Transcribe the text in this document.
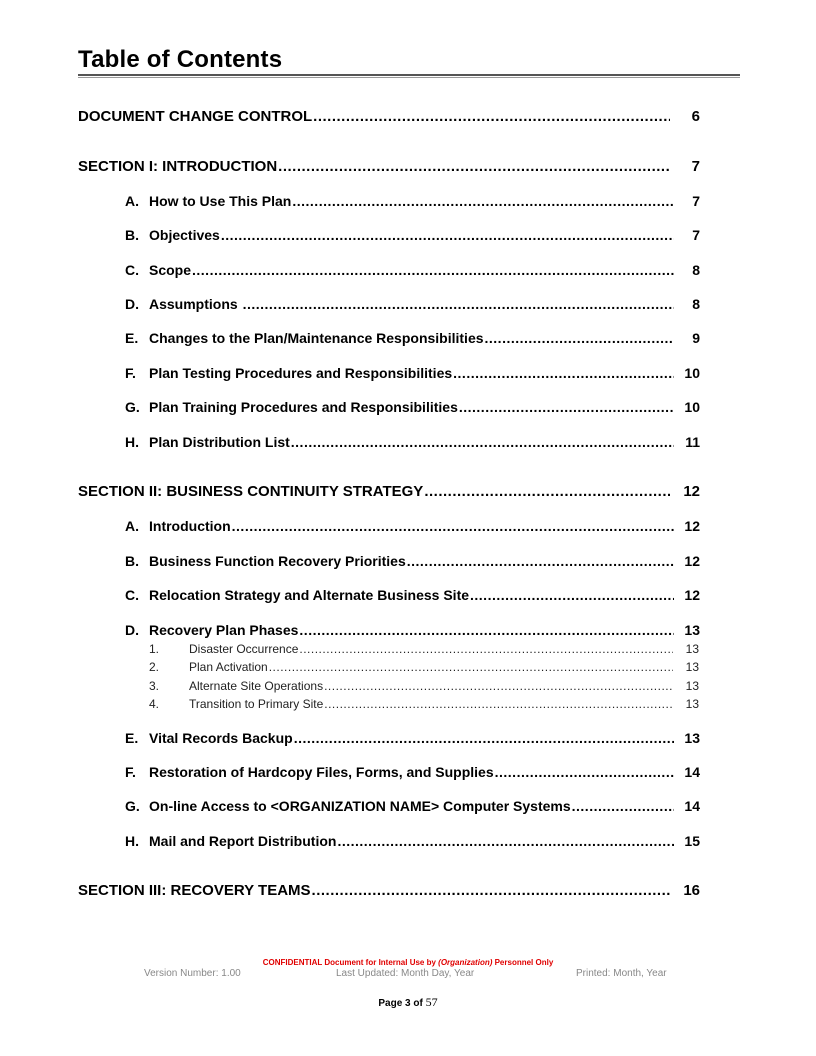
Table of Contents
DOCUMENT CHANGE CONTROL .....	6
SECTION I: INTRODUCTION .....	7
A. How to Use This Plan .....	7
B. Objectives .....	7
C. Scope .....	8
D. Assumptions .....	8
E. Changes to the Plan/Maintenance Responsibilities .....	9
F. Plan Testing Procedures and Responsibilities .....	10
G. Plan Training Procedures and Responsibilities .....	10
H. Plan Distribution List .....	11
SECTION II: BUSINESS CONTINUITY STRATEGY .....	12
A. Introduction .....	12
B. Business Function Recovery Priorities .....	12
C. Relocation Strategy and Alternate Business Site .....	12
D. Recovery Plan Phases .....	13
1.	Disaster Occurrence .....	13
2.	Plan Activation .....	13
3.	Alternate Site Operations .....	13
4.	Transition to Primary Site .....	13
E. Vital Records Backup .....	13
F. Restoration of Hardcopy Files, Forms, and Supplies .....	14
G. On-line Access to <ORGANIZATION NAME> Computer Systems .....	14
H. Mail and Report Distribution .....	15
SECTION III: RECOVERY TEAMS .....	16
CONFIDENTIAL Document for Internal Use by (Organization) Personnel Only
Version Number: 1.00	Last Updated: Month Day, Year	Printed: Month, Year
Page 3 of 57
